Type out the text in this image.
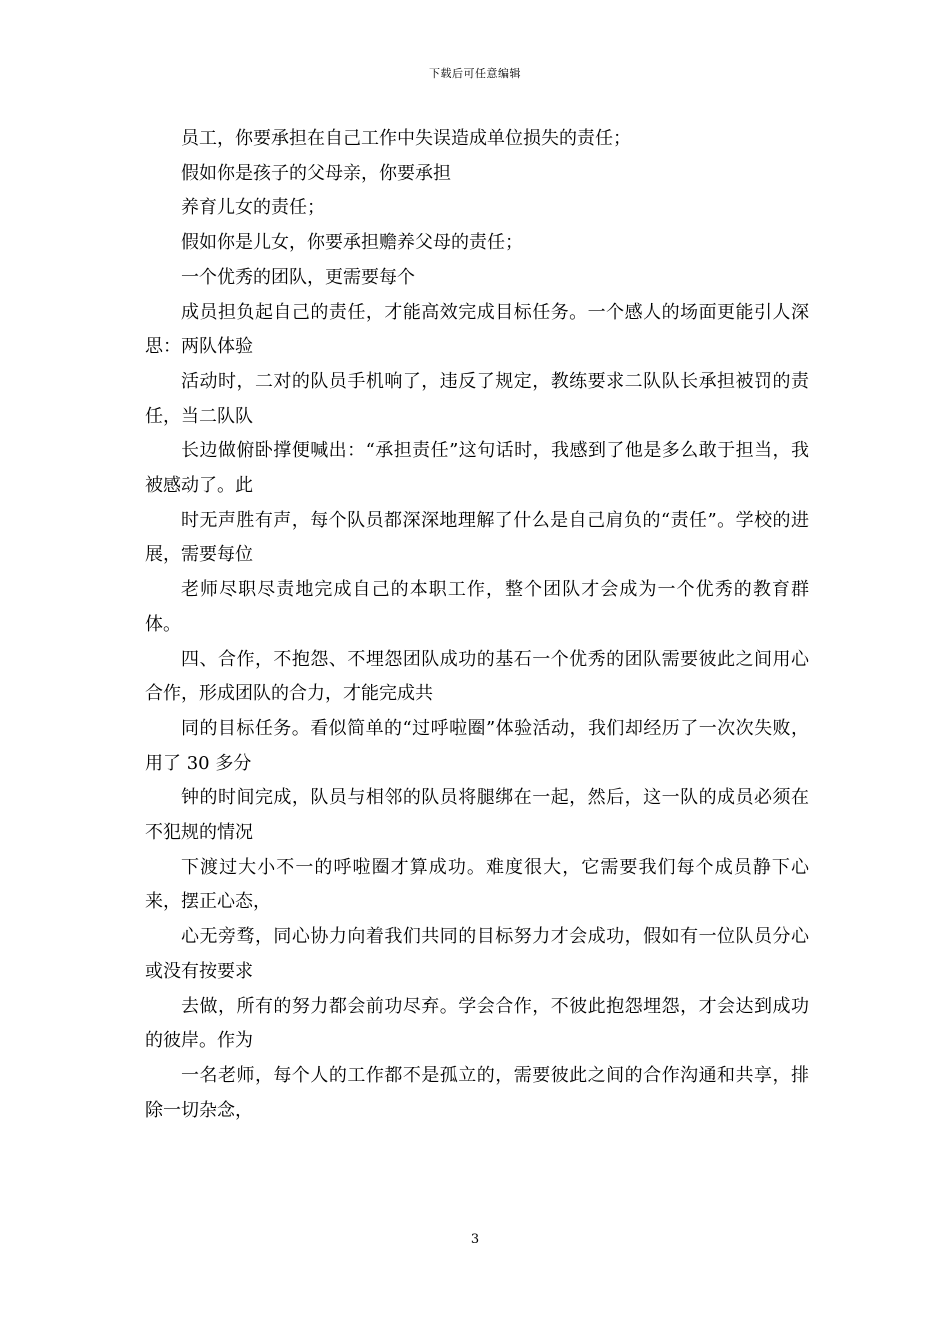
下载后可任意编辑

员工，你要承担在自己工作中失误造成单位损失的责任；

假如你是孩子的父母亲，你要承担

养育儿女的责任；

假如你是儿女，你要承担赡养父母的责任；

一个优秀的团队，更需要每个

成员担负起自己的责任，才能高效完成目标任务。一个感人的场面更能引人深思：两队体验

活动时，二对的队员手机响了，违反了规定，教练要求二队队长承担被罚的责任，当二队队

长边做俯卧撑便喊出：“承担责任”这句话时，我感到了他是多么敢于担当，我被感动了。此

时无声胜有声，每个队员都深深地理解了什么是自己肩负的“责任”。学校的进展，需要每位

老师尽职尽责地完成自己的本职工作，整个团队才会成为一个优秀的教育群体。

四、合作，不抱怨、不埋怨团队成功的基石一个优秀的团队需要彼此之间用心合作，形成团队的合力，才能完成共

同的目标任务。看似简单的“过呼啦圈”体验活动，我们却经历了一次次失败，用了 30 多分

钟的时间完成，队员与相邻的队员将腿绑在一起，然后，这一队的成员必须在不犯规的情况

下渡过大小不一的呼啦圈才算成功。难度很大，它需要我们每个成员静下心来，摆正心态，

心无旁骛，同心协力向着我们共同的目标努力才会成功，假如有一位队员分心或没有按要求

去做，所有的努力都会前功尽弃。学会合作，不彼此抱怨埋怨，才会达到成功的彼岸。作为

一名老师，每个人的工作都不是孤立的，需要彼此之间的合作沟通和共享，排除一切杂念，

3
